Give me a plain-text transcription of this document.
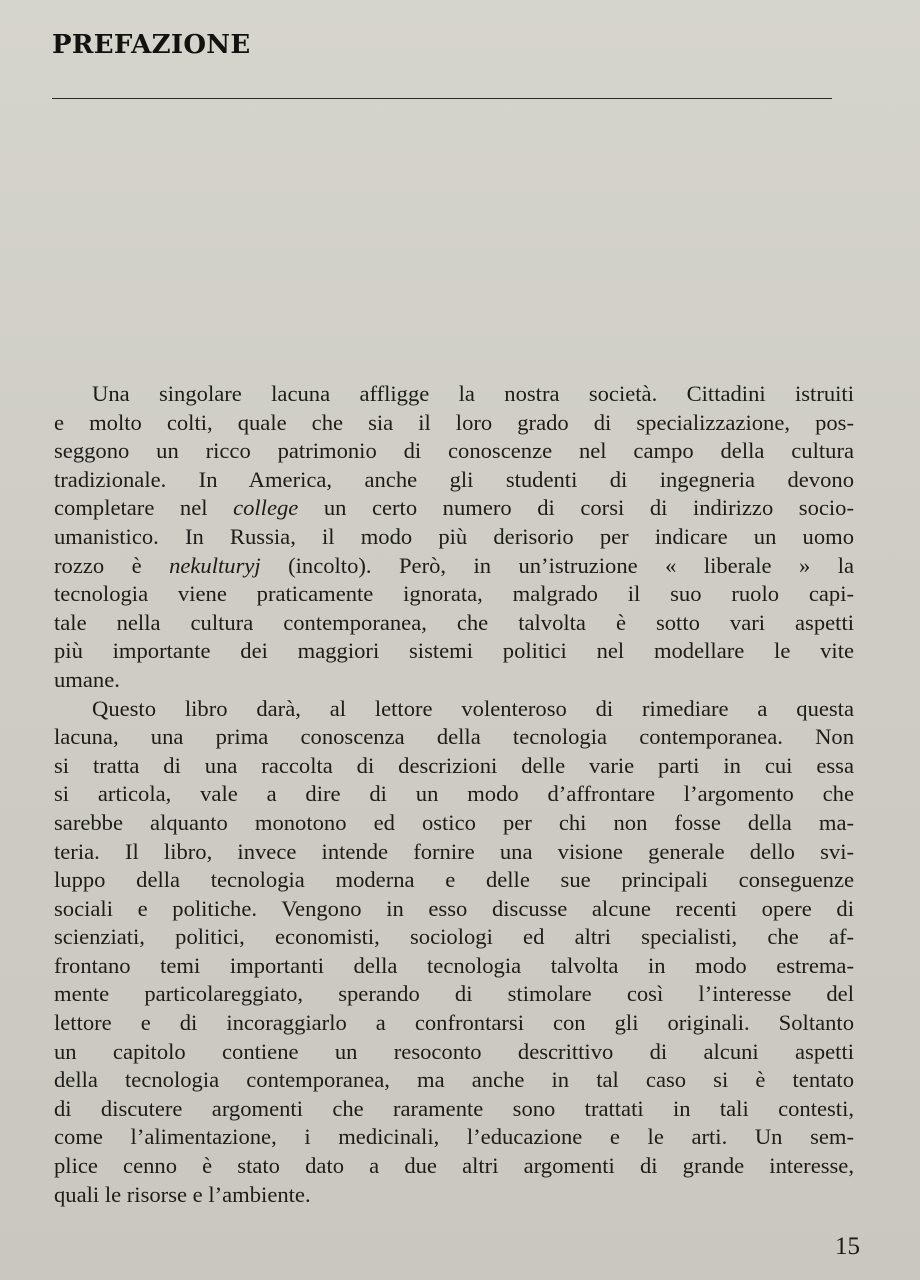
PREFAZIONE

Una singolare lacuna affligge la nostra società. Cittadini istruiti
e molto colti, quale che sia il loro grado di specializzazione, pos-
seggono un ricco patrimonio di conoscenze nel campo della cultura
tradizionale. In America, anche gli studenti di ingegneria devono
completare nel college un certo numero di corsi di indirizzo socio-
umanistico. In Russia, il modo più derisorio per indicare un uomo
rozzo è nekulturyj (incolto). Però, in un’istruzione « liberale » la
tecnologia viene praticamente ignorata, malgrado il suo ruolo capi-
tale nella cultura contemporanea, che talvolta è sotto vari aspetti
più importante dei maggiori sistemi politici nel modellare le vite
umane.

Questo libro darà, al lettore volenteroso di rimediare a questa
lacuna, una prima conoscenza della tecnologia contemporanea. Non
si tratta di una raccolta di descrizioni delle varie parti in cui essa
si articola, vale a dire di un modo d’affrontare l’argomento che
sarebbe alquanto monotono ed ostico per chi non fosse della ma-
teria. Il libro, invece intende fornire una visione generale dello svi-
luppo della tecnologia moderna e delle sue principali conseguenze
sociali e politiche. Vengono in esso discusse alcune recenti opere di
scienziati, politici, economisti, sociologi ed altri specialisti, che af-
frontano temi importanti della tecnologia talvolta in modo estrema-
mente particolareggiato, sperando di stimolare così l’interesse del
lettore e di incoraggiarlo a confrontarsi con gli originali. Soltanto
un capitolo contiene un resoconto descrittivo di alcuni aspetti
della tecnologia contemporanea, ma anche in tal caso si è tentato
di discutere argomenti che raramente sono trattati in tali contesti,
come l’alimentazione, i medicinali, l’educazione e le arti. Un sem-
plice cenno è stato dato a due altri argomenti di grande interesse,
quali le risorse e l’ambiente.

15
